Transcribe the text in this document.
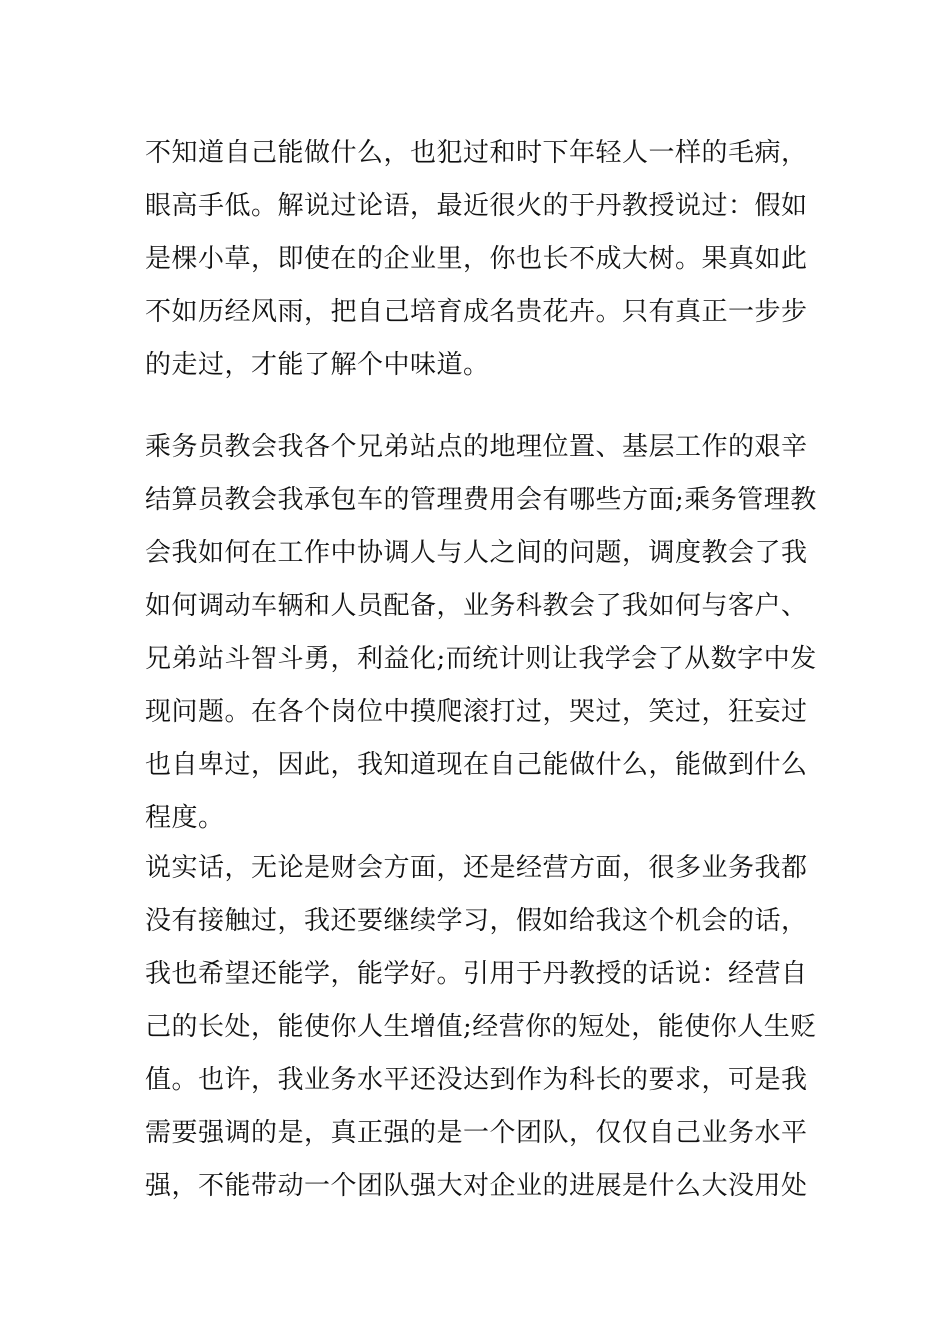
不知道自己能做什么，也犯过和时下年轻人一样的毛病，
眼高手低。解说过论语，最近很火的于丹教授说过：假如
是棵小草，即使在的企业里，你也长不成大树。果真如此
不如历经风雨，把自己培育成名贵花卉。只有真正一步步
的走过，才能了解个中味道。
乘务员教会我各个兄弟站点的地理位置、基层工作的艰辛
结算员教会我承包车的管理费用会有哪些方面;乘务管理教
会我如何在工作中协调人与人之间的问题，调度教会了我
如何调动车辆和人员配备，业务科教会了我如何与客户、
兄弟站斗智斗勇，利益化;而统计则让我学会了从数字中发
现问题。在各个岗位中摸爬滚打过，哭过，笑过，狂妄过
也自卑过，因此，我知道现在自己能做什么，能做到什么
程度。
说实话，无论是财会方面，还是经营方面，很多业务我都
没有接触过，我还要继续学习，假如给我这个机会的话，
我也希望还能学，能学好。引用于丹教授的话说：经营自
己的长处，能使你人生增值;经营你的短处，能使你人生贬
值。也许，我业务水平还没达到作为科长的要求，可是我
需要强调的是，真正强的是一个团队，仅仅自己业务水平
强，不能带动一个团队强大对企业的进展是什么大没用处
